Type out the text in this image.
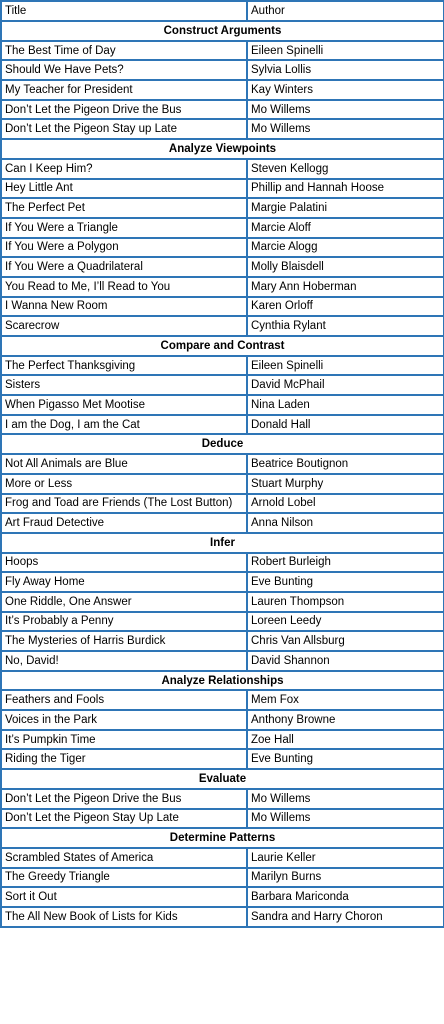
Title	Author
Construct Arguments	
The Best Time of Day	Eileen Spinelli
Should We Have Pets?	Sylvia Lollis
My Teacher for President	Kay Winters
Don’t Let the Pigeon Drive the Bus	Mo Willems
Don’t Let the Pigeon Stay up Late	Mo Willems
Analyze Viewpoints	
Can I Keep Him?	Steven Kellogg
Hey Little Ant	Phillip and Hannah Hoose
The Perfect Pet	Margie Palatini
If You Were a Triangle	Marcie Aloff
If You Were a Polygon	Marcie Alogg
If You Were a Quadrilateral	Molly Blaisdell
You Read to Me, I’ll Read to You	Mary Ann Hoberman
I Wanna New Room	Karen Orloff
Scarecrow	Cynthia Rylant
Compare and Contrast	
The Perfect Thanksgiving	Eileen Spinelli
Sisters	David McPhail
When Pigasso Met Mootise	Nina Laden
I am the Dog, I am the Cat	Donald Hall
Deduce	
Not All Animals are Blue	Beatrice Boutignon
More or Less	Stuart Murphy
Frog and Toad are Friends (The Lost Button)	Arnold Lobel
Art Fraud Detective	Anna Nilson
Infer	
Hoops	Robert Burleigh
Fly Away Home	Eve Bunting
One Riddle, One Answer	Lauren Thompson
It’s Probably a Penny	Loreen Leedy
The Mysteries of Harris Burdick	Chris Van Allsburg
No, David!	David Shannon
Analyze Relationships	
Feathers and Fools	Mem Fox
Voices in the Park	Anthony Browne
It’s Pumpkin Time	Zoe Hall
Riding the Tiger	Eve Bunting
Evaluate	
Don’t Let the Pigeon Drive the Bus	Mo Willems
Don’t Let the Pigeon Stay Up Late	Mo Willems
Determine Patterns	
Scrambled States of America	Laurie Keller
The Greedy Triangle	Marilyn Burns
Sort it Out	Barbara Mariconda
The All New Book of Lists for Kids	Sandra and Harry Choron
